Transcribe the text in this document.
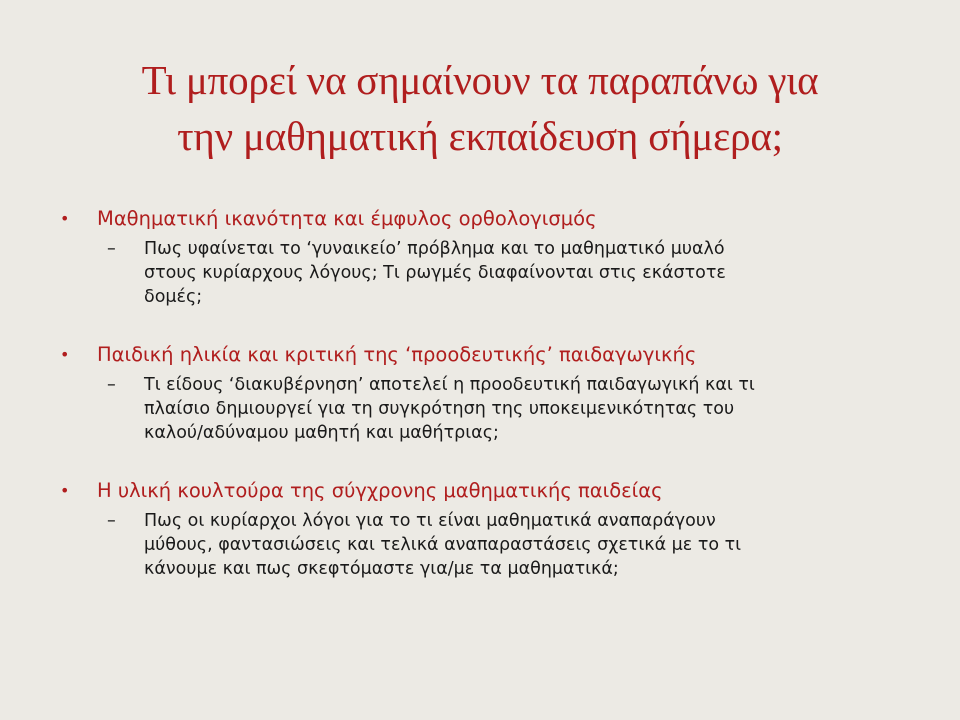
Τι μπορεί να σημαίνουν τα παραπάνω για
την μαθηματική εκπαίδευση σήμερα;
• Μαθηματική ικανότητα και έμφυλος ορθολογισμός
– Πως υφαίνεται το ‘γυναικείο’ πρόβλημα και το μαθηματικό μυαλό
στους κυρίαρχους λόγους; Τι ρωγμές διαφαίνονται στις εκάστοτε
δομές;
• Παιδική ηλικία και κριτική της ‘προοδευτικής’ παιδαγωγικής
– Τι είδους ‘διακυβέρνηση’ αποτελεί η προοδευτική παιδαγωγική και τι
πλαίσιο δημιουργεί για τη συγκρότηση της υποκειμενικότητας του
καλού/αδύναμου μαθητή και μαθήτριας;
• Η υλική κουλτούρα της σύγχρονης μαθηματικής παιδείας
– Πως οι κυρίαρχοι λόγοι για το τι είναι μαθηματικά αναπαράγουν
μύθους, φαντασιώσεις και τελικά αναπαραστάσεις σχετικά με το τι
κάνουμε και πως σκεφτόμαστε για/με τα μαθηματικά;
